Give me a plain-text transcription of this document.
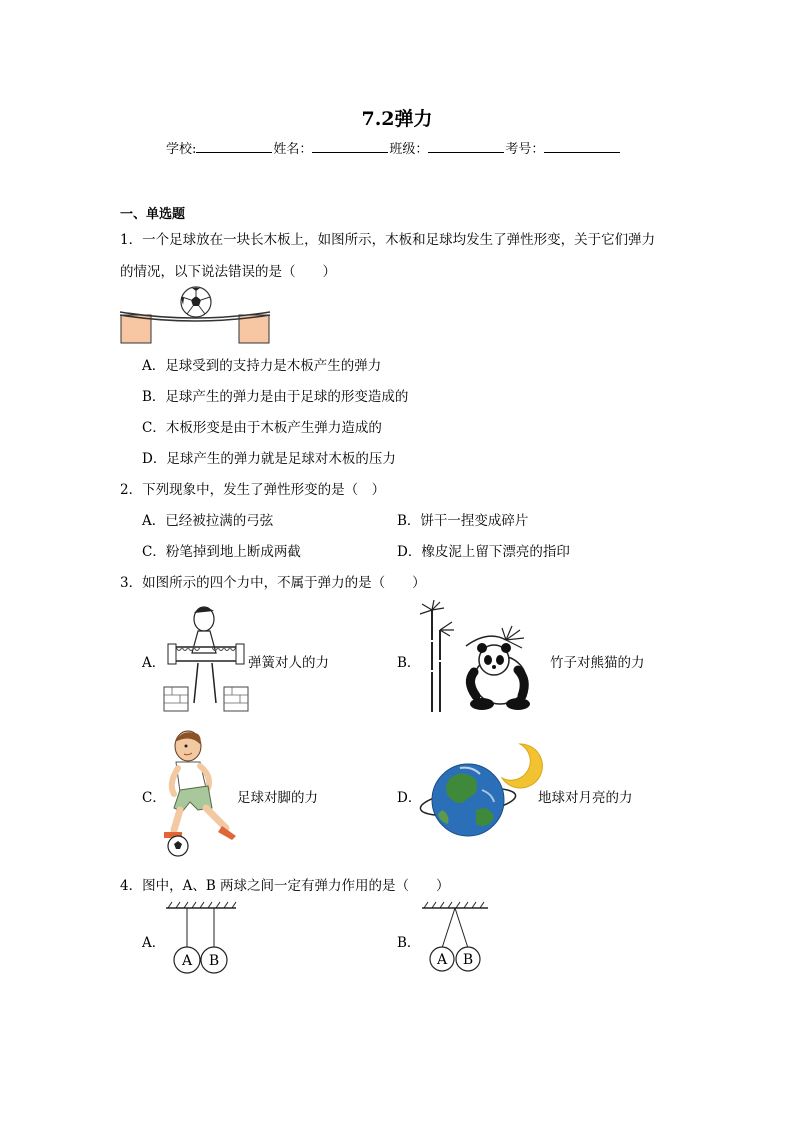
7.2弹力
学校:	姓名：	班级：	考号：
一、单选题
1．一个足球放在一块长木板上，如图所示，木板和足球均发生了弹性形变，关于它们弹力
的情况，以下说法错误的是（　　）
A．足球受到的支持力是木板产生的弹力
B．足球产生的弹力是由于足球的形变造成的
C．木板形变是由于木板产生弹力造成的
D．足球产生的弹力就是足球对木板的压力
2．下列现象中，发生了弹性形变的是（　）
A．已经被拉满的弓弦	B．饼干一捏变成碎片
C．粉笔掉到地上断成两截	D．橡皮泥上留下漂亮的指印
3．如图所示的四个力中，不属于弹力的是（　　）
A．	弹簧对人的力	B．	竹子对熊猫的力
C．	足球对脚的力	D．	地球对月亮的力
4．图中，A、B 两球之间一定有弹力作用的是（　　）
A．
A B
B．
A B
